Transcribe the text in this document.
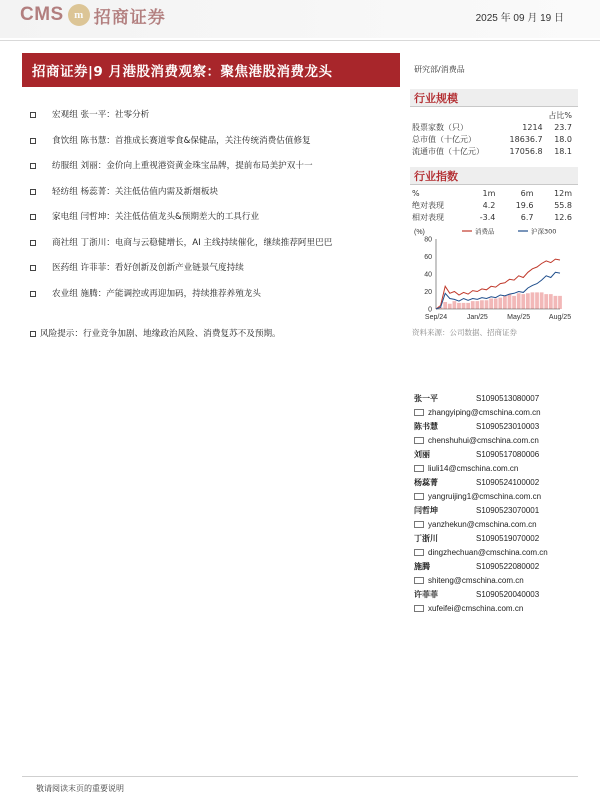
CMS m 招商证券	2025 年 09 月 19 日
招商证券|9 月港股消费观察：聚焦港股消费龙头
宏观组 张一平：社零分析
食饮组 陈书慧：首推成长赛道零食&保健品，关注传统消费估值修复
纺服组 刘丽：金价向上重视港资黄金珠宝品牌，提前布局美护双十一
轻纺组 杨蕊菁：关注低估值内需及新烟板块
家电组 闫哲坤：关注低估值龙头&预期差大的工具行业
商社组 丁浙川：电商与云稳健增长，AI 主线持续催化，继续推荐阿里巴巴
医药组 许菲菲：看好创新及创新产业链景气度持续
农业组 施腾：产能调控或再迎加码，持续推荐养殖龙头
风险提示：行业竞争加剧、地缘政治风险、消费复苏不及预期。
研究部/消费品
行业规模
		占比%
股票家数（只）	1214	23.7
总市值（十亿元）	18636.7	18.0
流通市值（十亿元）	17056.8	18.1
行业指数
%	1m	6m	12m
绝对表现	4.2	19.6	55.8
相对表现	-3.4	6.7	12.6
(%)	消费品	沪深300
0
20
40
60
80
Sep/24	Jan/25	May/25	Aug/25
资料来源：公司数据、招商证券
张一平	S1090513080007
zhangyiping@cmschina.com.cn
陈书慧	S1090523010003
chenshuhui@cmschina.com.cn
刘丽	S1090517080006
liuli14@cmschina.com.cn
杨蕊菁	S1090524100002
yangruijing1@cmschina.com.cn
闫哲坤	S1090523070001
yanzhekun@cmschina.com.cn
丁浙川	S1090519070002
dingzhechuan@cmschina.com.cn
施腾	S1090522080002
shiteng@cmschina.com.cn
许菲菲	S1090520040003
xufeifei@cmschina.com.cn
敬请阅读末页的重要说明
